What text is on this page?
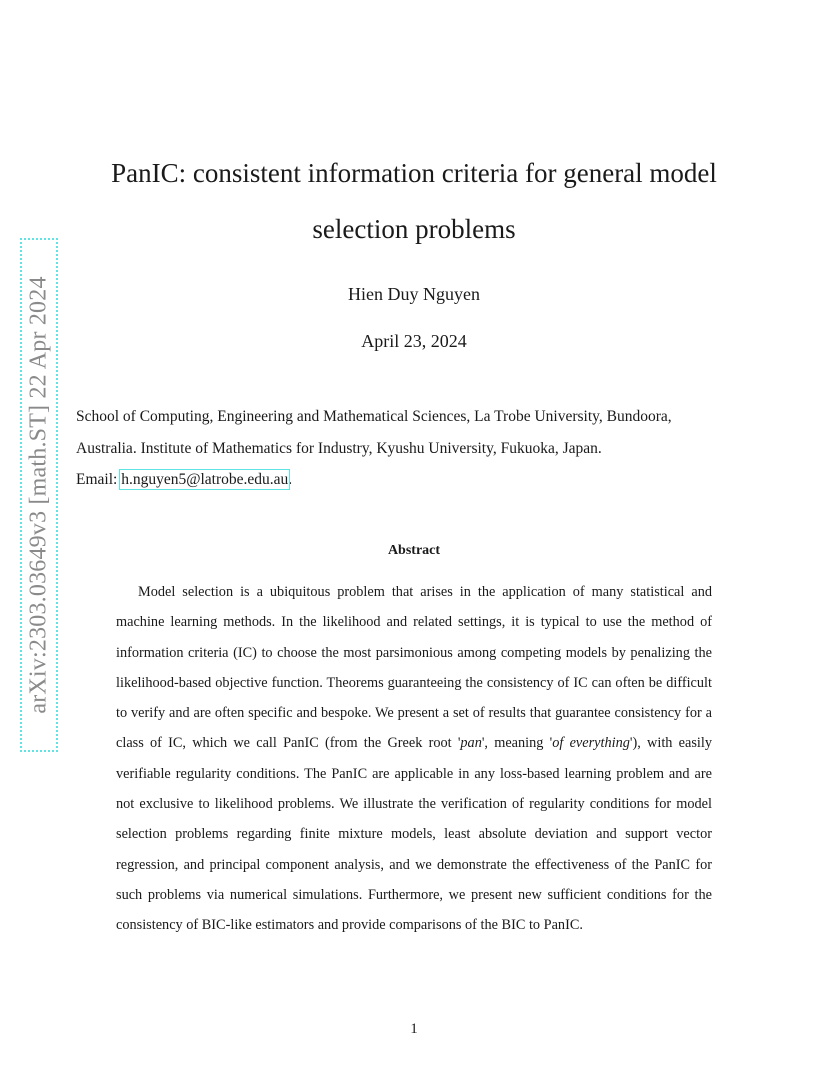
arXiv:2303.03649v3 [math.ST] 22 Apr 2024
PanIC: consistent information criteria for general model
selection problems
Hien Duy Nguyen
April 23, 2024
School of Computing, Engineering and Mathematical Sciences, La Trobe University, Bundoora,
Australia. Institute of Mathematics for Industry, Kyushu University, Fukuoka, Japan.
Email: h.nguyen5@latrobe.edu.au.
Abstract
Model selection is a ubiquitous problem that arises in the application of many statistical and machine learning methods. In the likelihood and related settings, it is typical to use the method of information criteria (IC) to choose the most parsimonious among competing models by penalizing the likelihood-based objective function. Theorems guaranteeing the consistency of IC can often be difficult to verify and are often specific and bespoke. We present a set of results that guarantee consistency for a class of IC, which we call PanIC (from the Greek root 'pan', meaning 'of everything'), with easily verifiable regularity conditions. The PanIC are applicable in any loss-based learning problem and are not exclusive to likelihood problems. We illustrate the verification of regularity conditions for model selection problems regarding finite mixture models, least absolute deviation and support vector regression, and principal component analysis, and we demonstrate the effectiveness of the PanIC for such problems via numerical simulations. Furthermore, we present new sufficient conditions for the consistency of BIC-like estimators and provide comparisons of the BIC to PanIC.
1
